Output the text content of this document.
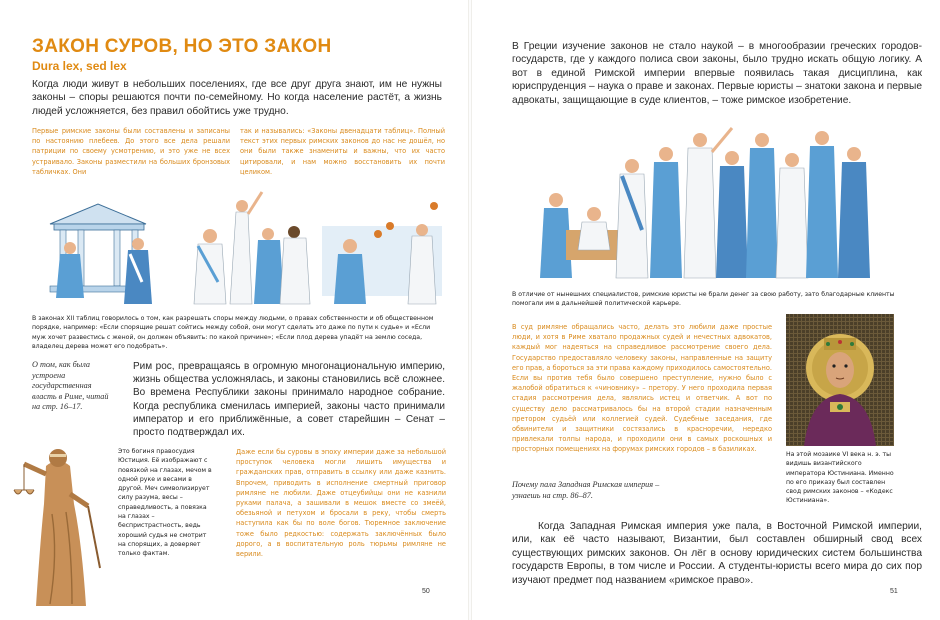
ЗАКОН СУРОВ, НО ЭТО ЗАКОН
Dura lex, sed lex
Когда люди живут в небольших поселениях, где все друг друга знают, им не нужны законы – споры решаются почти по-семейному. Но когда население растёт, а жизнь людей усложняется, без правил обойтись уже трудно.
Первые римские законы были составлены и записаны по настоянию плебеев. До этого все дела решали патриции по своему усмотрению, и это уже не всех устраивало. Законы разместили на больших бронзовых табличках. Они
так и назывались: «Законы двенадцати таблиц». Полный текст этих первых римских законов до нас не дошёл, но они были также знамениты и важны, что их часто цитировали, и нам можно восстановить их почти целиком.
В законах XII таблиц говорилось о том, как разрешать споры между людьми, о правах собственности и об общественном порядке, например: «Если спорящие решат сойтись между собой, они могут сделать это даже по пути к судье» и «Если муж хочет развестись с женой, он должен объявить: по какой причине»; «Если плод дерева упадёт на землю соседа, владелец дерева может его подобрать».
О том, как была устроена государственная власть в Риме, читай на стр. 16–17.
Рим рос, превращаясь в огромную многонациональную империю, жизнь общества усложнялась, и законы становились всё сложнее. Во времена Республики законы принимало народное собрание. Когда республика сменилась империей, законы часто принимали император и его приближённые, а совет старейшин – Сенат – просто подтверждал их.
Это богиня правосудия Юстиция. Её изображают с повязкой на глазах, мечом в одной руке и весами в другой. Меч символизирует силу разума, весы – справедливость, а повязка на глазах – беспристрастность, ведь хороший судья не смотрит на спорящих, а доверяет только фактам.
Даже если бы суровы в эпоху империи даже за небольшой проступок человека могли лишить имущества и гражданских прав, отправить в ссылку или даже казнить. Впрочем, приводить в исполнение смертный приговор римляне не любили. Даже отцеубийцы они не казнили руками палача, а зашивали в мешок вместе со змеёй, обезьяной и петухом и бросали в реку, чтобы смерть наступила как бы по воле богов. Тюремное заключение тоже было редкостью: содержать заключённых было дорого, а в воспитательную роль тюрьмы римляне не верили.
50
В Греции изучение законов не стало наукой – в многообразии греческих городов-государств, где у каждого полиса свои законы, было трудно искать общую логику. А вот в единой Римской империи впервые появилась такая дисциплина, как юриспруденция – наука о праве и законах. Первые юристы – знатоки закона и первые адвокаты, защищающие в суде клиентов, – тоже римское изобретение.
В отличие от нынешних специалистов, римские юристы не брали денег за свою работу, зато благодарные клиенты помогали им в дальнейшей политической карьере.
В суд римляне обращались часто, делать это любили даже простые люди, и хотя в Риме хватало продажных судей и нечестных адвокатов, каждый мог надеяться на справедливое рассмотрение своего дела. Государство предоставляло человеку законы, направленные на защиту его прав, а бороться за эти права каждому приходилось самостоятельно. Если вы против тебя было совершено преступление, нужно было с жалобой обратиться к «чиновнику» – претору. У него проходила первая стадия рассмотрения дела, являлись истец и ответчик. А вот по существу дело рассматривалось бы на второй стадии назначенным претором судьёй или коллегией судей. Судебные заседания, где обвинители и защитники состязались в красноречии, нередко привлекали толпы народа, и проходили они в самых роскошных и просторных помещениях на форумах римских городов – в базиликах.
На этой мозаике VI века н. э. ты видишь византийского императора Юстиниана. Именно по его приказу был составлен свод римских законов – «Кодекс Юстиниана».
Почему пала Западная Римская империя – узнаешь на стр. 86–87.
Когда Западная Римская империя уже пала, в Восточной Римской империи, или, как её часто называют, Византии, был составлен обширный свод всех существующих римских законов. Он лёг в основу юридических систем большинства государств Европы, в том числе и России. А студенты-юристы всего мира до сих пор изучают предмет под названием «римское право».
51
